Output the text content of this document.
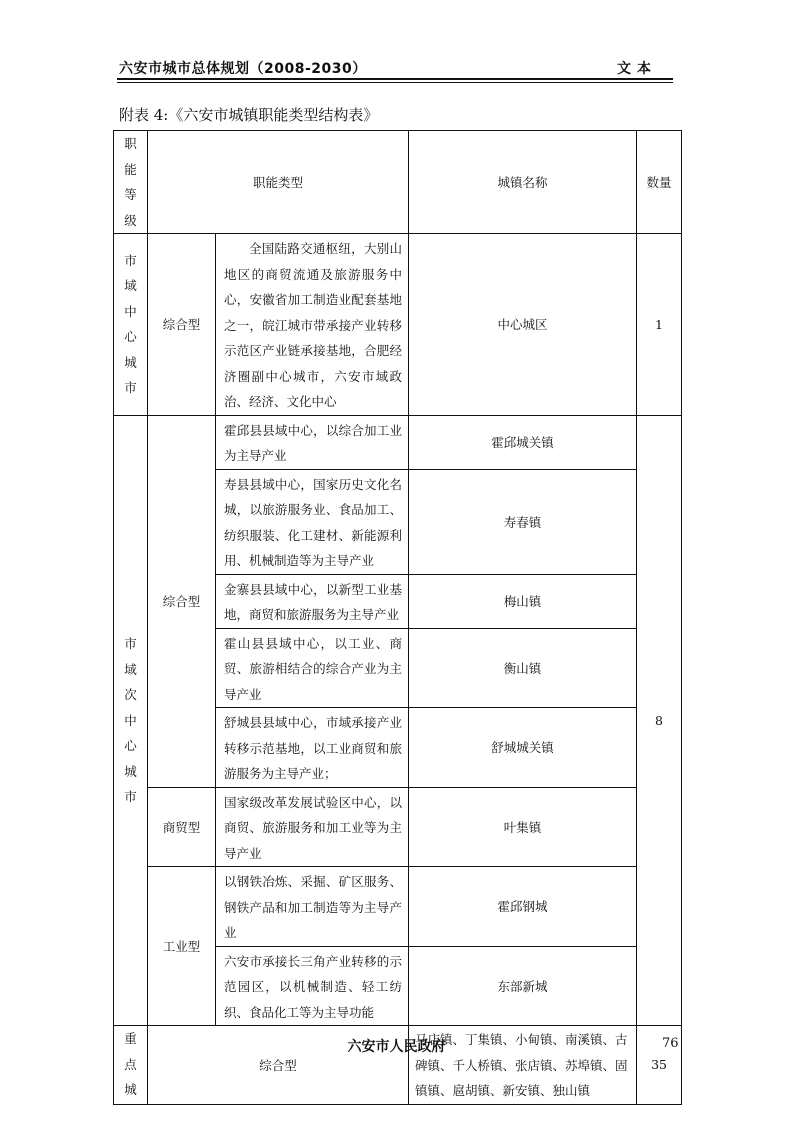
六安市城市总体规划（2008-2030）	文本
附表 4:《六安市城镇职能类型结构表》
职能等级	职能类型		城镇名称	数量

市域中心城市	综合型	全国陆路交通枢纽，大别山地区的商贸流通及旅游服务中心，安徽省加工制造业配套基地之一，皖江城市带承接产业转移示范区产业链承接基地，合肥经济圈副中心城市，六安市域政治、经济、文化中心	中心城区	1

市域次中心城市	综合型	霍邱县县域中心，以综合加工业为主导产业	霍邱城关镇	8
		寿县县域中心，国家历史文化名城，以旅游服务业、食品加工、纺织服装、化工建材、新能源利用、机械制造等为主导产业	寿春镇	
		金寨县县域中心，以新型工业基地，商贸和旅游服务为主导产业	梅山镇	
		霍山县县域中心，以工业、商贸、旅游相结合的综合产业为主导产业	衡山镇	
		舒城县县域中心，市域承接产业转移示范基地，以工业商贸和旅游服务为主导产业；	舒城城关镇	
	商贸型	国家级改革发展试验区中心，以商贸、旅游服务和加工业等为主导产业	叶集镇	
	工业型	以钢铁冶炼、采掘、矿区服务、钢铁产品和加工制造等为主导产业	霍邱钢城	
		六安市承接长三角产业转移的示范园区，以机械制造、轻工纺织、食品化工等为主导功能	东部新城	

重点城	综合型		马店镇、丁集镇、小甸镇、南溪镇、古碑镇、千人桥镇、张店镇、苏埠镇、固镇镇、扈胡镇、新安镇、独山镇	35
六安市人民政府	76
